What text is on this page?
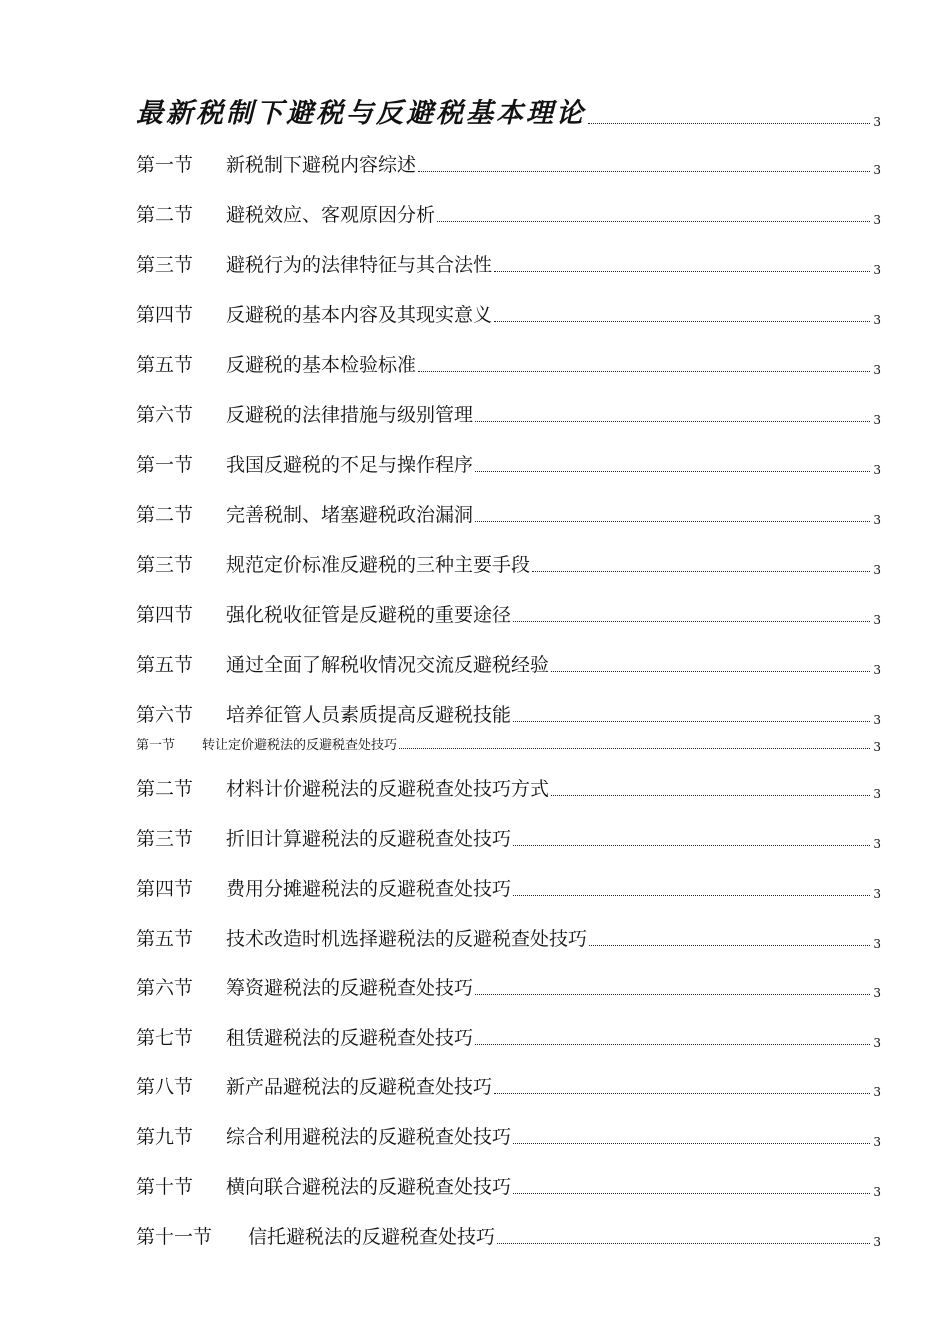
最新税制下避税与反避税基本理论	3
第一节	新税制下避税内容综述	3
第二节	避税效应、客观原因分析	3
第三节	避税行为的法律特征与其合法性	3
第四节	反避税的基本内容及其现实意义	3
第五节	反避税的基本检验标准	3
第六节	反避税的法律措施与级别管理	3
第一节	我国反避税的不足与操作程序	3
第二节	完善税制、堵塞避税政治漏洞	3
第三节	规范定价标准反避税的三种主要手段	3
第四节	强化税收征管是反避税的重要途径	3
第五节	通过全面了解税收情况交流反避税经验	3
第六节	培养征管人员素质提高反避税技能	3
第一节	转让定价避税法的反避税查处技巧	3
第二节	材料计价避税法的反避税查处技巧方式	3
第三节	折旧计算避税法的反避税查处技巧	3
第四节	费用分摊避税法的反避税查处技巧	3
第五节	技术改造时机选择避税法的反避税查处技巧	3
第六节	筹资避税法的反避税查处技巧	3
第七节	租赁避税法的反避税查处技巧	3
第八节	新产品避税法的反避税查处技巧	3
第九节	综合利用避税法的反避税查处技巧	3
第十节	横向联合避税法的反避税查处技巧	3
第十一节	信托避税法的反避税查处技巧	3
